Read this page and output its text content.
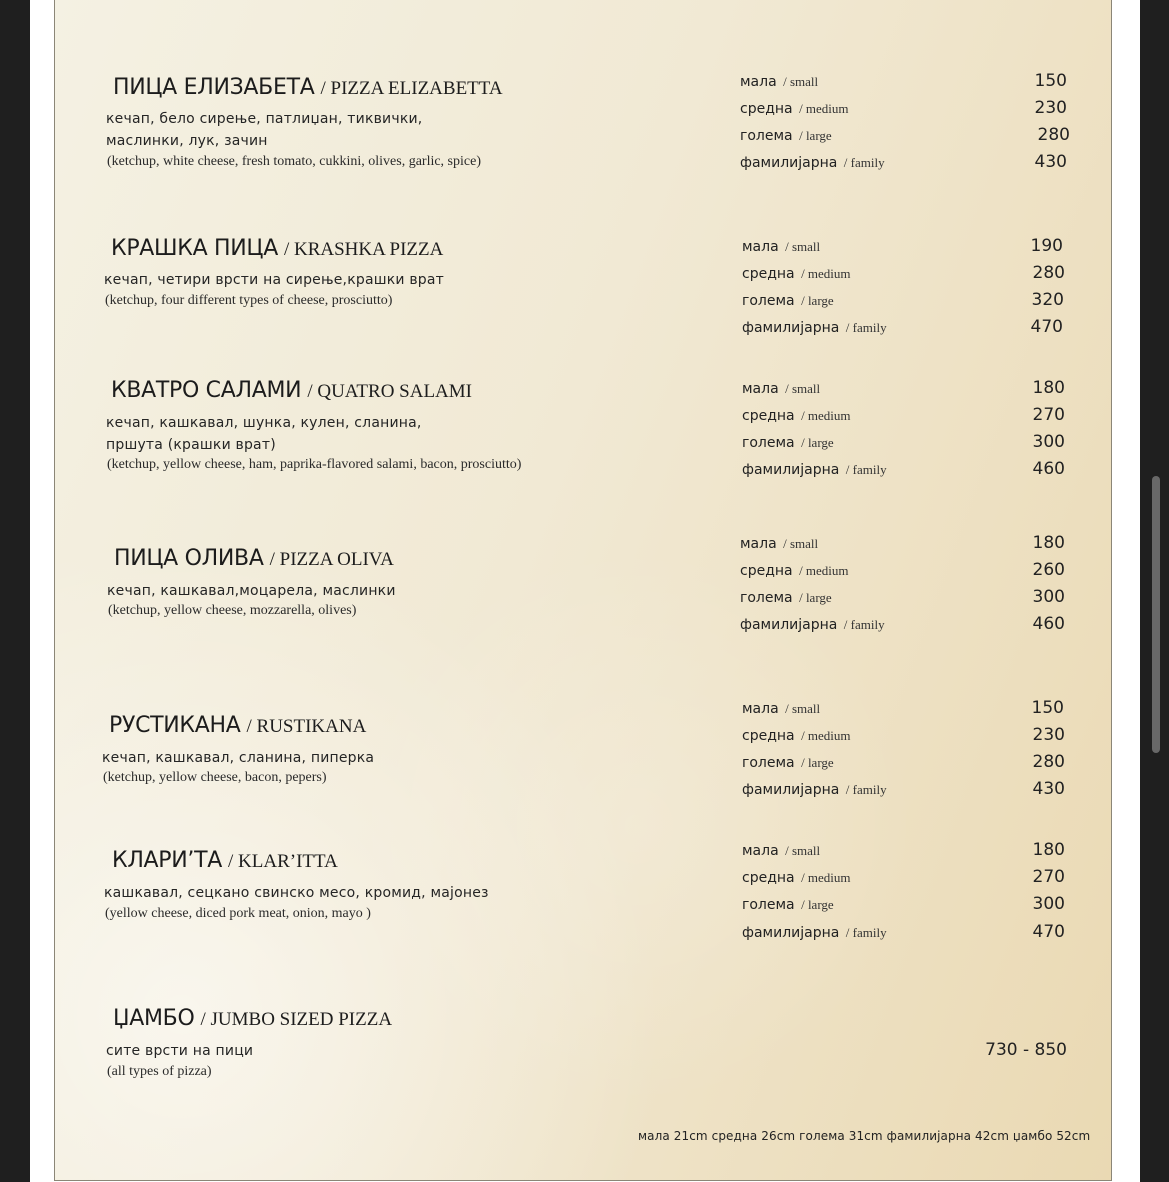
ПИЦА ЕЛИЗАБЕТА / PIZZA ELIZABETTA
кечап, бело сирење, патлиџан, тиквички,
маслинки, лук, зачин
(ketchup, white cheese, fresh tomato, cukkini, olives, garlic, spice)
мала / small
средна / medium
голема / large
фамилијарна / family
150
230
280
430
КРАШКА ПИЦА / KRASHKA PIZZA
кечап, четири врсти на сирење,крашки врат
(ketchup, four different types of cheese, prosciutto)
мала / small
средна / medium
голема / large
фамилијарна / family
190
280
320
470
КВАТРО САЛАМИ / QUATRO SALAMI
кечап, кашкавал, шунка, кулен, сланина,
пршута (крашки врат)
(ketchup, yellow cheese, ham, paprika-flavored salami, bacon, prosciutto)
мала / small
средна / medium
голема / large
фамилијарна / family
180
270
300
460
ПИЦА ОЛИВА / PIZZA OLIVA
кечап, кашкавал,моцарела, маслинки
(ketchup, yellow cheese, mozzarella, olives)
мала / small
средна / medium
голема / large
фамилијарна / family
180
260
300
460
РУСТИКАНА / RUSTIKANA
кечап, кашкавал, сланина, пиперка
(ketchup, yellow cheese, bacon, pepers)
мала / small
средна / medium
голема / large
фамилијарна / family
150
230
280
430
КЛАРИ’ТА / KLAR’ITTA
кашкавал, сецкано свинско месо, кромид, мајонез
(yellow cheese, diced pork meat, onion, mayo )
мала / small
средна / medium
голема / large
фамилијарна / family
180
270
300
470
ЏАМБО / JUMBO SIZED PIZZA
сите врсти на пици
(all types of pizza)
730 - 850
мала 21cm средна 26cm голема 31cm фамилијарна 42cm џамбо 52cm
